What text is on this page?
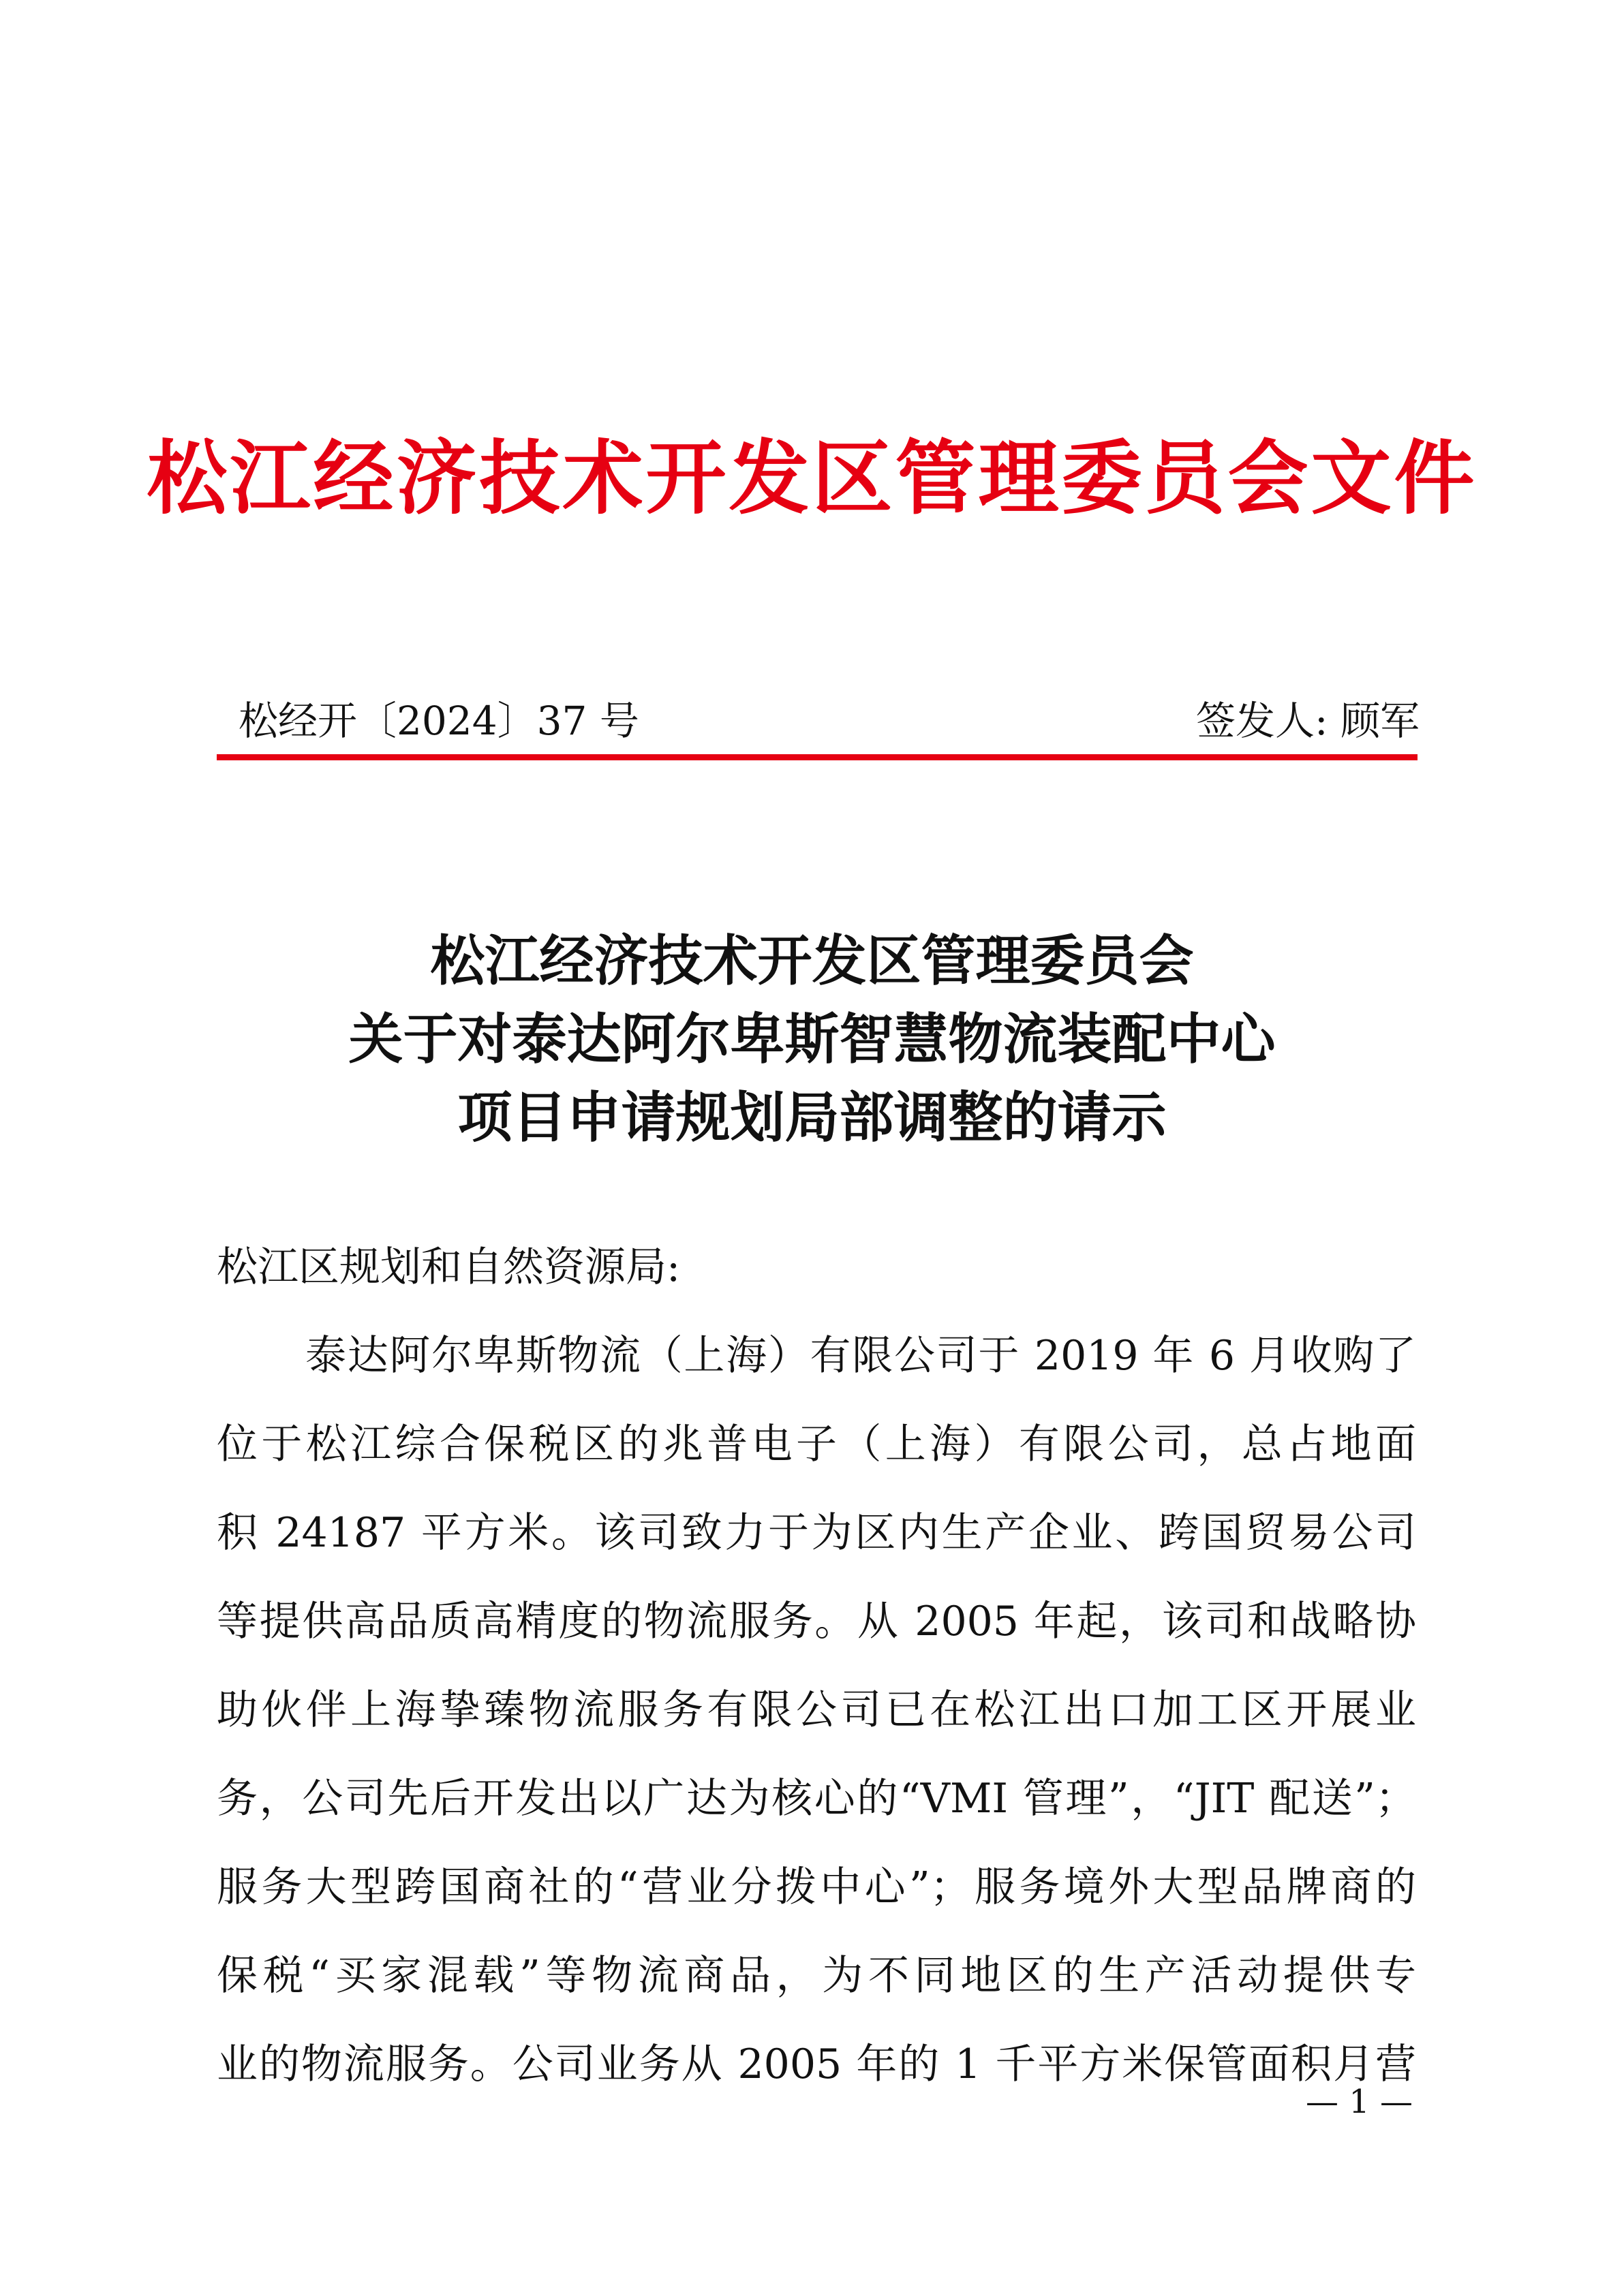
松江经济技术开发区管理委员会文件
松经开〔2024〕37 号	签发人: 顾军
松江经济技术开发区管理委员会
关于对泰达阿尔卑斯智慧物流装配中心
项目申请规划局部调整的请示
松江区规划和自然资源局:
泰达阿尔卑斯物流（上海）有限公司于 2019 年 6 月收购了
位于松江综合保税区的兆普电子（上海）有限公司，总占地面
积 24187 平方米。该司致力于为区内生产企业、跨国贸易公司
等提供高品质高精度的物流服务。从 2005 年起，该司和战略协
助伙伴上海挚臻物流服务有限公司已在松江出口加工区开展业
务，公司先后开发出以广达为核心的“VMI 管理”，“JIT 配送”；
服务大型跨国商社的“营业分拨中心”；服务境外大型品牌商的
保税“买家混载”等物流商品，为不同地区的生产活动提供专
业的物流服务。公司业务从 2005 年的 1 千平方米保管面积月营
— 1 —
